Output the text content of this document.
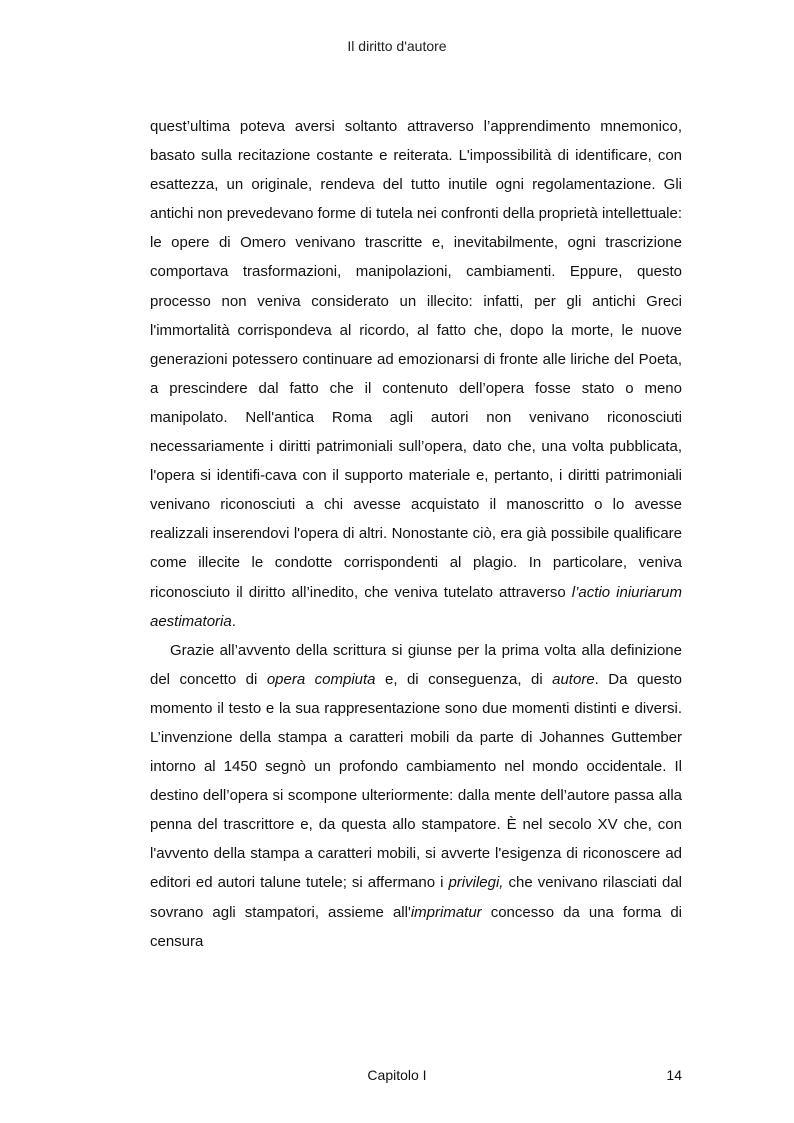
Il diritto d'autore

quest’ultima poteva aversi soltanto attraverso l’apprendimento mnemonico, basato sulla recitazione costante e reiterata. L'impossibilità di identificare, con esattezza, un originale, rendeva del tutto inutile ogni regolamentazione. Gli antichi non prevedevano forme di tutela nei confronti della proprietà intellettuale: le opere di Omero venivano trascritte e, inevitabilmente, ogni trascrizione comportava trasformazioni, manipolazioni, cambiamenti. Eppure, questo processo non veniva considerato un illecito: infatti, per gli antichi Greci l'immortalità corrispondeva al ricordo, al fatto che, dopo la morte, le nuove generazioni potessero continuare ad emozionarsi di fronte alle liriche del Poeta, a prescindere dal fatto che il contenuto dell’opera fosse stato o meno manipolato. Nell'antica Roma agli autori non venivano riconosciuti necessariamente i diritti patrimoniali sull’opera, dato che, una volta pubblicata, l'opera si identifi-cava con il supporto materiale e, pertanto, i diritti patrimoniali venivano riconosciuti a chi avesse acquistato il manoscritto o lo avesse realizzali inserendovi l'opera di altri. Nonostante ciò, era già possibile qualificare come illecite le condotte corrispondenti al plagio. In particolare, veniva riconosciuto il diritto all’inedito, che veniva tutelato attraverso l’actio iniuriarum aestimatoria.

Grazie all’avvento della scrittura si giunse per la prima volta alla definizione del concetto di opera compiuta e, di conseguenza, di autore. Da questo momento il testo e la sua rappresentazione sono due momenti distinti e diversi. L’invenzione della stampa a caratteri mobili da parte di Johannes Guttember intorno al 1450 segnò un profondo cambiamento nel mondo occidentale. Il destino dell’opera si scompone ulteriormente: dalla mente dell’autore passa alla penna del trascrittore e, da questa allo stampatore. È nel secolo XV che, con l'avvento della stampa a caratteri mobili, si avverte l'esigenza di riconoscere ad editori ed autori talune tutele; si affermano i privilegi, che venivano rilasciati dal sovrano agli stampatori, assieme all'imprimatur concesso da una forma di censura

Capitolo I	14
